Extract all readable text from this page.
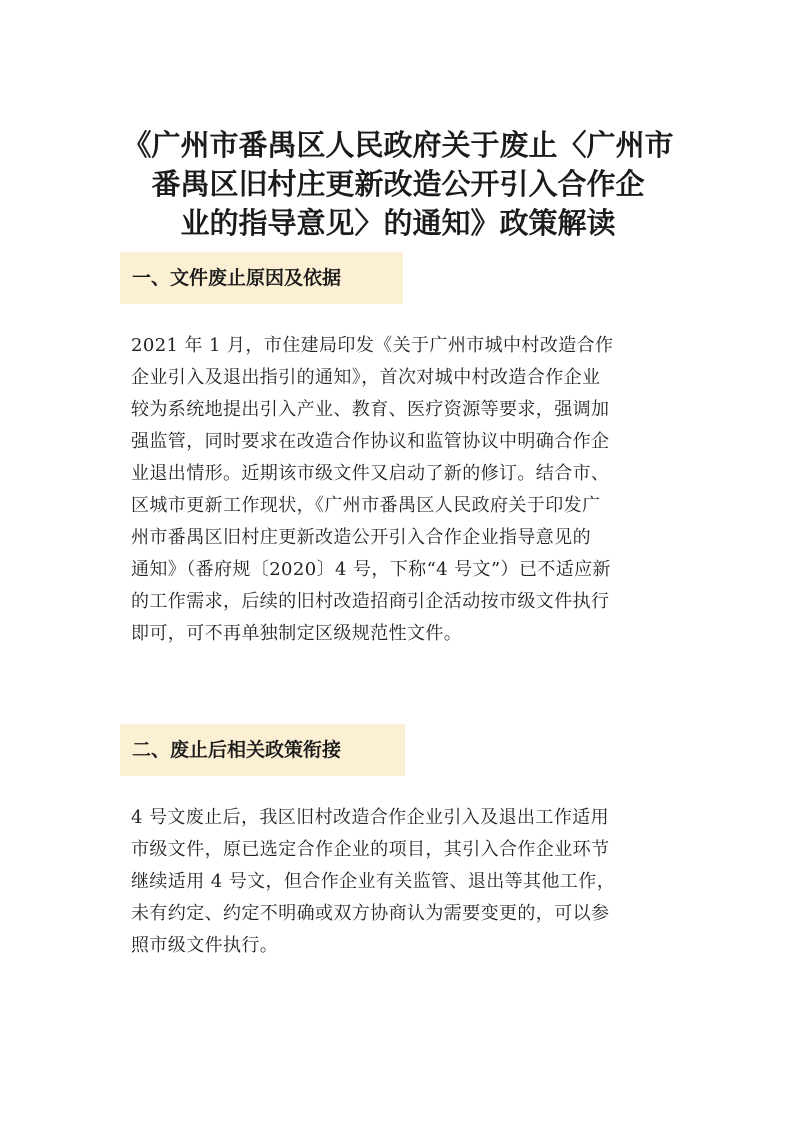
《广州市番禺区人民政府关于废止〈广州市
番禺区旧村庄更新改造公开引入合作企
业的指导意见〉的通知》政策解读
一、文件废止原因及依据
2021 年 1 月，市住建局印发《关于广州市城中村改造合作
企业引入及退出指引的通知》，首次对城中村改造合作企业
较为系统地提出引入产业、教育、医疗资源等要求，强调加
强监管，同时要求在改造合作协议和监管协议中明确合作企
业退出情形。近期该市级文件又启动了新的修订。结合市、
区城市更新工作现状，《广州市番禺区人民政府关于印发广
州市番禺区旧村庄更新改造公开引入合作企业指导意见的
通知》（番府规〔2020〕4 号，下称“4 号文”）已不适应新
的工作需求，后续的旧村改造招商引企活动按市级文件执行
即可，可不再单独制定区级规范性文件。
二、废止后相关政策衔接
4 号文废止后，我区旧村改造合作企业引入及退出工作适用
市级文件，原已选定合作企业的项目，其引入合作企业环节
继续适用 4 号文，但合作企业有关监管、退出等其他工作，
未有约定、约定不明确或双方协商认为需要变更的，可以参
照市级文件执行。
